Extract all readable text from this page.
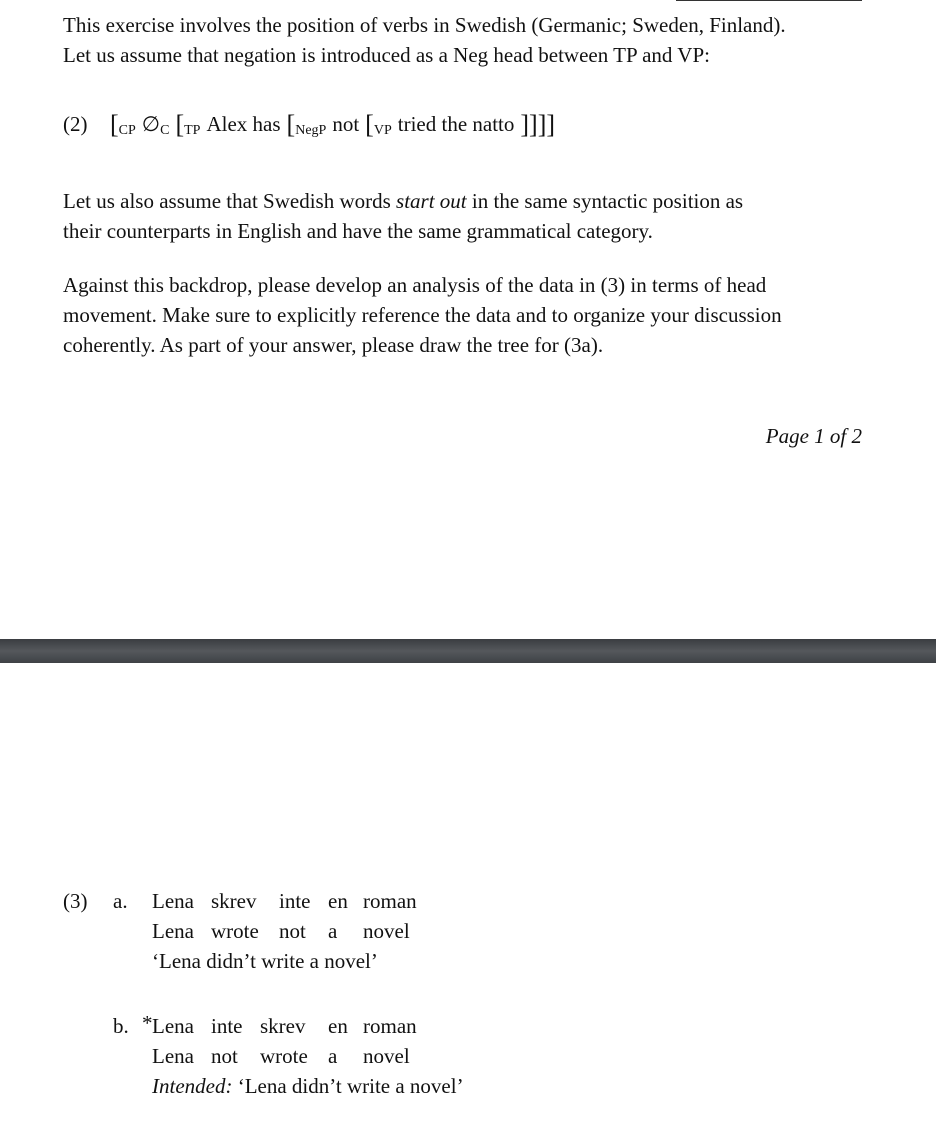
This exercise involves the position of verbs in Swedish (Germanic; Sweden, Finland).
Let us assume that negation is introduced as a Neg head between TP and VP:
(2) [$_{CP}$ $\emptyset_C$ [$_{TP}$ Alex has [$_{NegP}$ not [$_{VP}$ tried the natto ]]]]
Let us also assume that Swedish words start out in the same syntactic position as
their counterparts in English and have the same grammatical category.
Against this backdrop, please develop an analysis of the data in (3) in terms of head
movement. Make sure to explicitly reference the data and to organize your discussion
coherently. As part of your answer, please draw the tree for (3a).
Page 1 of 2
(3) a. Lena skrev inte en roman
Lena wrote not a novel
‘Lena didn’t write a novel’
b. * Lena inte skrev en roman
Lena not wrote a novel
Intended: ‘Lena didn’t write a novel’
